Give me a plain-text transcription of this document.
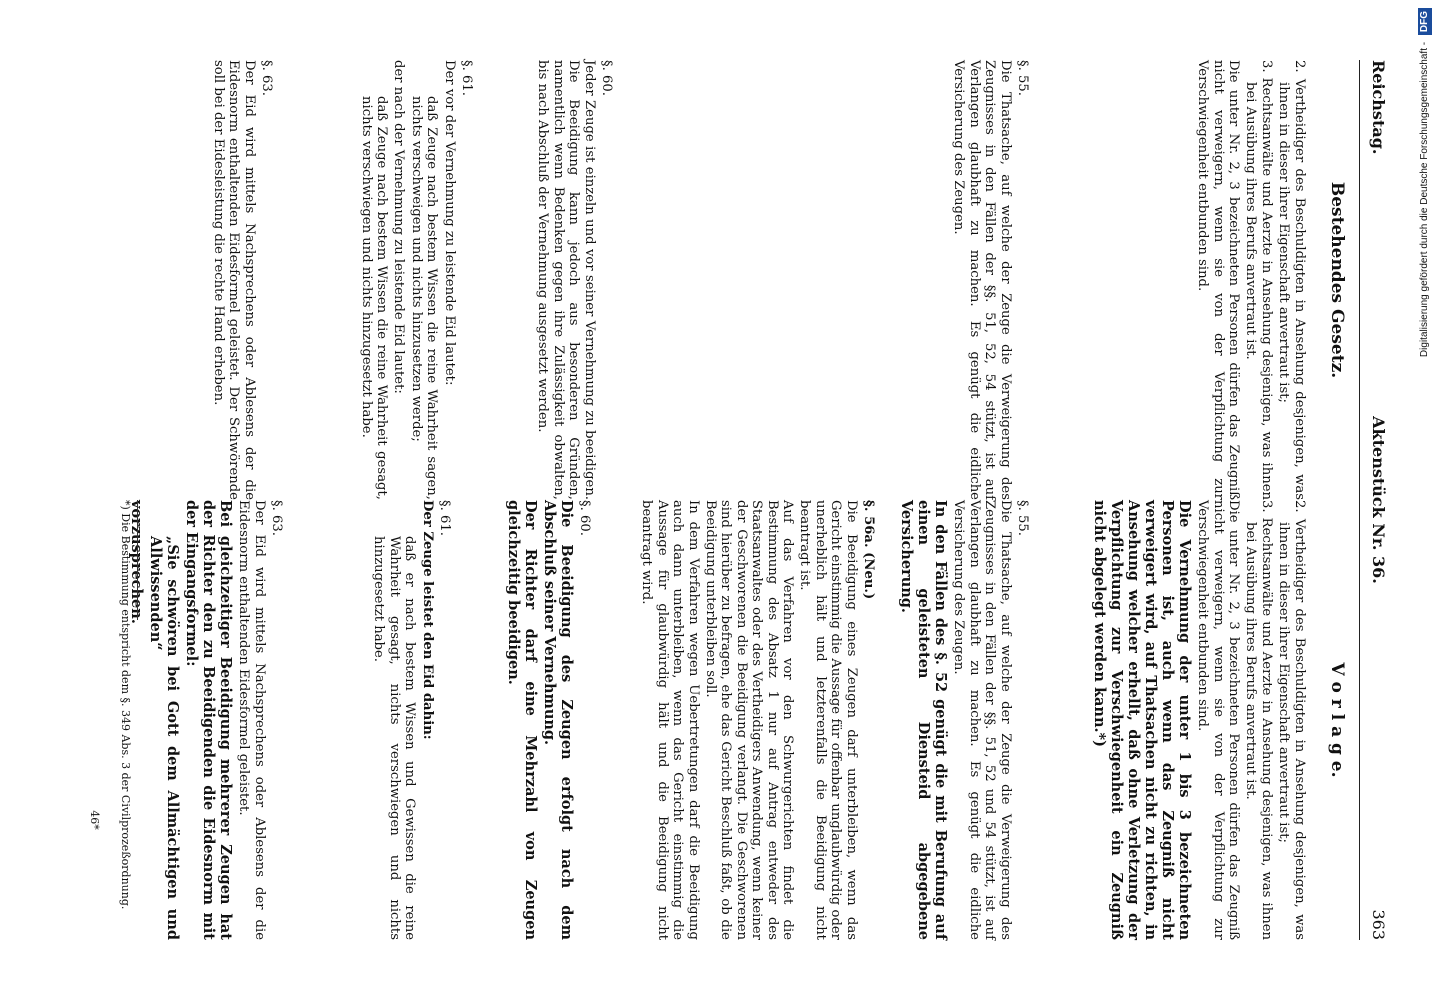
Reichstag.
Aktenstück Nr. 36.
363
Bestehendes Gesetz.

2. Vertheidiger des Beschuldigten in Ansehung desjenigen, was ihnen in dieser ihrer Eigenschaft anvertraut ist;

3. Rechtsanwälte und Aerzte in Ansehung desjenigen, was ihnen bei Ausübung ihres Berufs anvertraut ist.

Die unter Nr. 2, 3 bezeichneten Personen dürfen das Zeugniß nicht verweigern, wenn sie von der Verpflichtung zur Verschwiegenheit entbunden sind.

§. 55.

Die Thatsache, auf welche der Zeuge die Verweigerung des Zeugnisses in den Fällen der §§. 51, 52, 54 stützt, ist auf Verlangen glaubhaft zu machen. Es genügt die eidliche Versicherung des Zeugen.

§. 60.

Jeder Zeuge ist einzeln und vor seiner Vernehmung zu beeidigen. Die Beeidigung kann jedoch aus besonderen Gründen, namentlich wenn Bedenken gegen ihre Zulässigkeit obwalten, bis nach Abschluß der Vernehmung ausgesetzt werden.

§. 61.

Der vor der Vernehmung zu leistende Eid lautet:

daß Zeuge nach bestem Wissen die reine Wahrheit sagen, nichts verschweigen und nichts hinzusetzen werde;

der nach der Vernehmung zu leistende Eid lautet:

daß Zeuge nach bestem Wissen die reine Wahrheit gesagt, nichts verschwiegen und nichts hinzugesetzt habe.

§. 63.

Der Eid wird mittels Nachsprechens oder Ablesens der die Eidesnorm enthaltenden Eidesformel geleistet. Der Schwörende soll bei der Eidesleistung die rechte Hand erheben.

V o r l a g e.

2. Vertheidiger des Beschuldigten in Ansehung desjenigen, was ihnen in dieser ihrer Eigenschaft anvertraut ist;

3. Rechtsanwälte und Aerzte in Ansehung desjenigen, was ihnen bei Ausübung ihres Berufs anvertraut ist.

Die unter Nr. 2, 3 bezeichneten Personen dürfen das Zeugniß nicht verweigern, wenn sie von der Verpflichtung zur Verschwiegenheit entbunden sind.

Die Vernehmung der unter 1 bis 3 bezeichneten Personen ist, auch wenn das Zeugniß nicht verweigert wird, auf Thatsachen nicht zu richten, in Ansehung welcher erhellt, daß ohne Verletzung der Verpflichtung zur Verschwiegenheit ein Zeugniß nicht abgelegt werden kann.*)

§. 55.

Die Thatsache, auf welche der Zeuge die Verweigerung des Zeugnisses in den Fällen der §§. 51, 52 und 54 stützt, ist auf Verlangen glaubhaft zu machen. Es genügt die eidliche Versicherung des Zeugen.

In den Fällen des §. 52 genügt die mit Berufung auf einen geleisteten Diensteid abgegebene Versicherung.

§. 56a. (Neu.)

Die Beeidigung eines Zeugen darf unterbleiben, wenn das Gericht einstimmig die Aussage für offenbar unglaubwürdig oder unerheblich hält und letzterenfalls die Beeidigung nicht beantragt ist.

Auf das Verfahren vor den Schwurgerichten findet die Bestimmung des Absatz 1 nur auf Antrag entweder des Staatsanwaltes oder des Vertheidigers Anwendung, wenn keiner der Geschworenen die Beeidigung verlangt. Die Geschworenen sind hierüber zu befragen, ehe das Gericht Beschluß faßt, ob die Beeidigung unterbleiben soll.

In dem Verfahren wegen Uebertretungen darf die Beeidigung auch dann unterbleiben, wenn das Gericht einstimmig die Aussage für glaubwürdig hält und die Beeidigung nicht beantragt wird.

§. 60.

Die Beeidigung des Zeugen erfolgt nach dem Abschluß seiner Vernehmung.

Der Richter darf eine Mehrzahl von Zeugen gleichzeitig beeidigen.

§. 61.

Der Zeuge leistet den Eid dahin:

daß er nach bestem Wissen und Gewissen die reine Wahrheit gesagt, nichts verschwiegen und nichts hinzugesetzt habe.

§. 63.

Der Eid wird mittels Nachsprechens oder Ablesens der die Eidesnorm enthaltenden Eidesformel geleistet.

Bei gleichzeitiger Beeidigung mehrerer Zeugen hat der Richter den zu Beeidigenden die Eidesnorm mit der Eingangsformel:

„Sie schwören bei Gott dem Allmächtigen und Allwissenden“

vorzusprechen.

*) Die Bestimmung entspricht dem §. 349 Abs. 3 der Civilprozeßordnung.
46*
Digitalisierung gefördert durch die Deutsche Forschungsgemeinschaft - DFG
